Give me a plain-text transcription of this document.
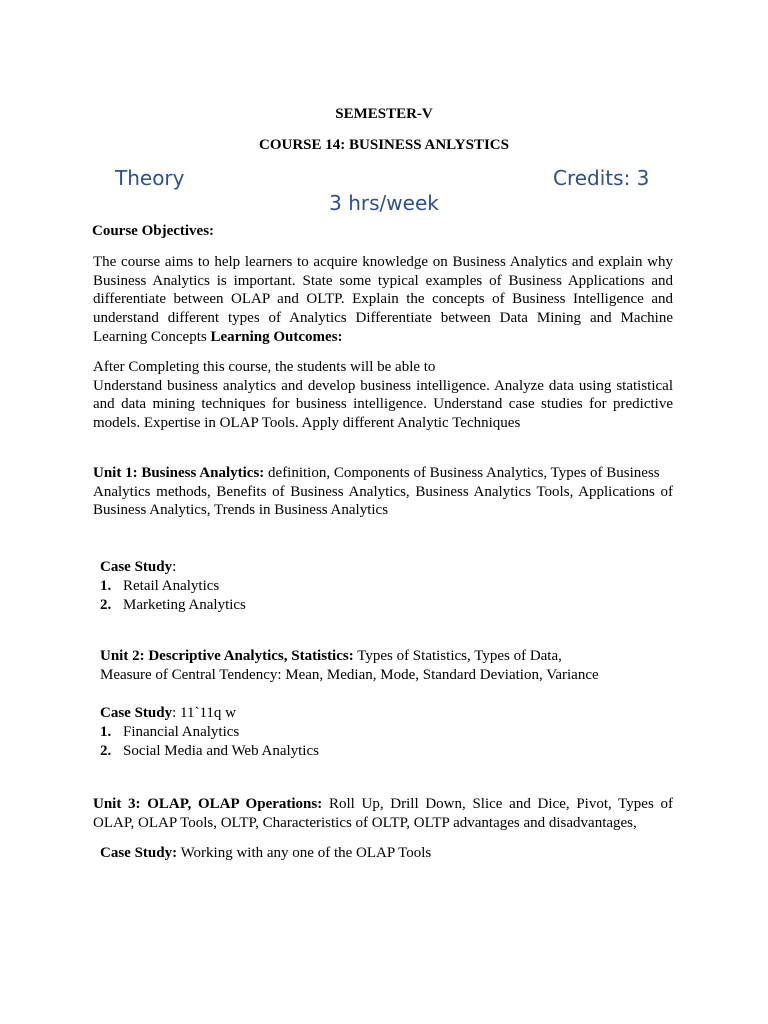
SEMESTER-V
COURSE 14: BUSINESS ANLYSTICS
Theory	Credits: 3
3 hrs/week
Course Objectives:
The course aims to help learners to acquire knowledge on Business Analytics and explain why Business Analytics is important. State some typical examples of Business Applications and differentiate between OLAP and OLTP. Explain the concepts of Business Intelligence and understand different types of Analytics Differentiate between Data Mining and Machine Learning Concepts Learning Outcomes:
After Completing this course, the students will be able to
Understand business analytics and develop business intelligence. Analyze data using statistical and data mining techniques for business intelligence. Understand case studies for predictive models. Expertise in OLAP Tools. Apply different Analytic Techniques
Unit 1: Business Analytics: definition, Components of Business Analytics, Types of Business
Analytics methods, Benefits of Business Analytics, Business Analytics Tools, Applications of Business Analytics, Trends in Business Analytics
Case Study:
1. Retail Analytics
2. Marketing Analytics
Unit 2: Descriptive Analytics, Statistics: Types of Statistics, Types of Data,
Measure of Central Tendency: Mean, Median, Mode, Standard Deviation, Variance
Case Study: 11`11q w
1. Financial Analytics
2. Social Media and Web Analytics
Unit 3: OLAP, OLAP Operations: Roll Up, Drill Down, Slice and Dice, Pivot, Types of OLAP, OLAP Tools, OLTP, Characteristics of OLTP, OLTP advantages and disadvantages,
Case Study: Working with any one of the OLAP Tools
